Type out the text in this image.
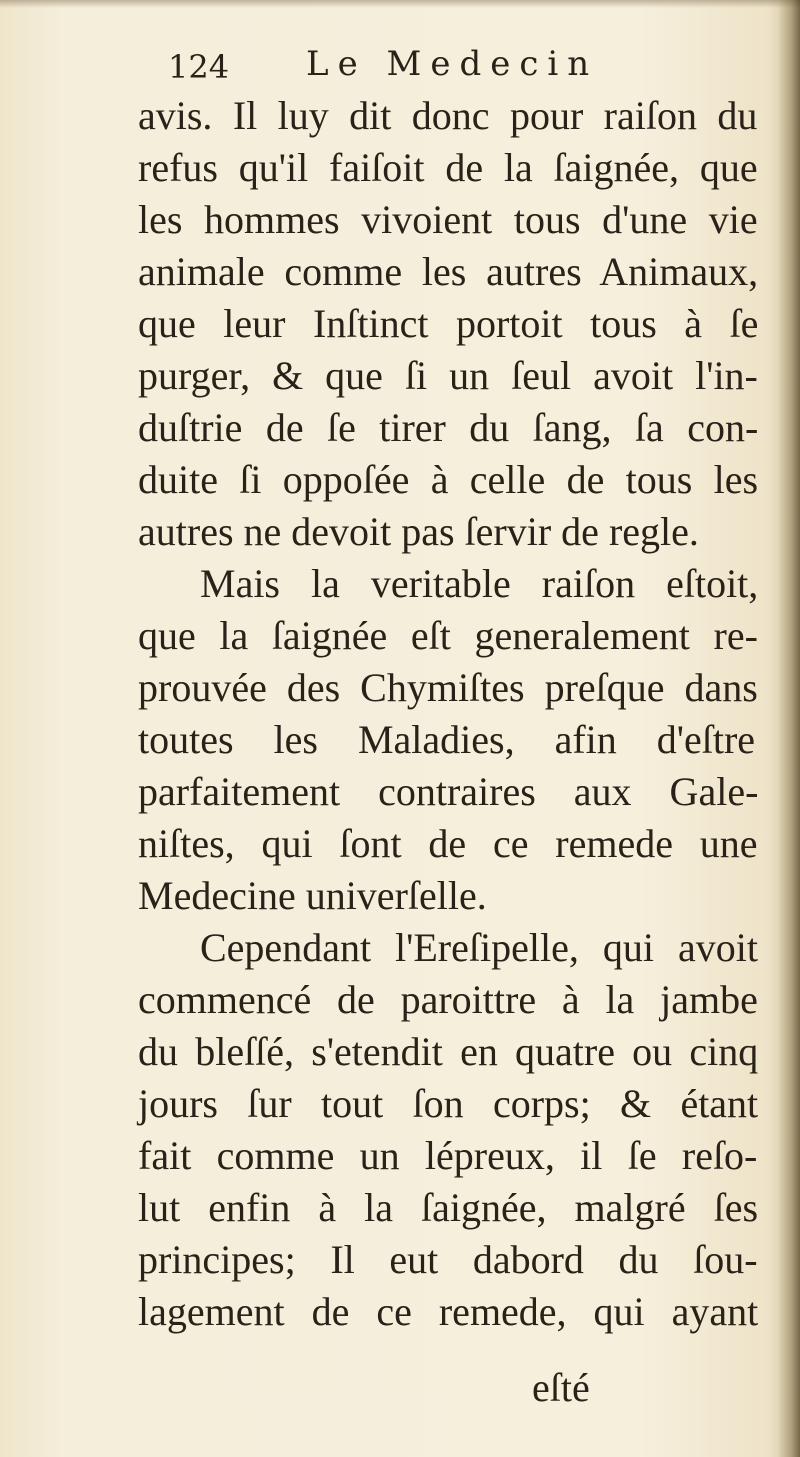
124 Le Medecin
avis. Il luy dit donc pour raiſon du
refus qu'il faiſoit de la ſaignée, que
les hommes vivoient tous d'une vie
animale comme les autres Animaux,
que leur Inſtinct portoit tous à ſe
purger, & que ſi un ſeul avoit l'in-
duſtrie de ſe tirer du ſang, ſa con-
duite ſi oppoſée à celle de tous les
autres ne devoit pas ſervir de regle.
Mais la veritable raiſon eſtoit,
que la ſaignée eſt generalement re-
prouvée des Chymiſtes preſque dans
toutes les Maladies, afin d'eſtre
parfaitement contraires aux Gale-
niſtes, qui ſont de ce remede une
Medecine univerſelle.
Cependant l'Ereſipelle, qui avoit
commencé de paroittre à la jambe
du bleſſé, s'etendit en quatre ou cinq
jours ſur tout ſon corps; & étant
fait comme un lépreux, il ſe reſo-
lut enfin à la ſaignée, malgré ſes
principes; Il eut dabord du ſou-
lagement de ce remede, qui ayant
eſté
